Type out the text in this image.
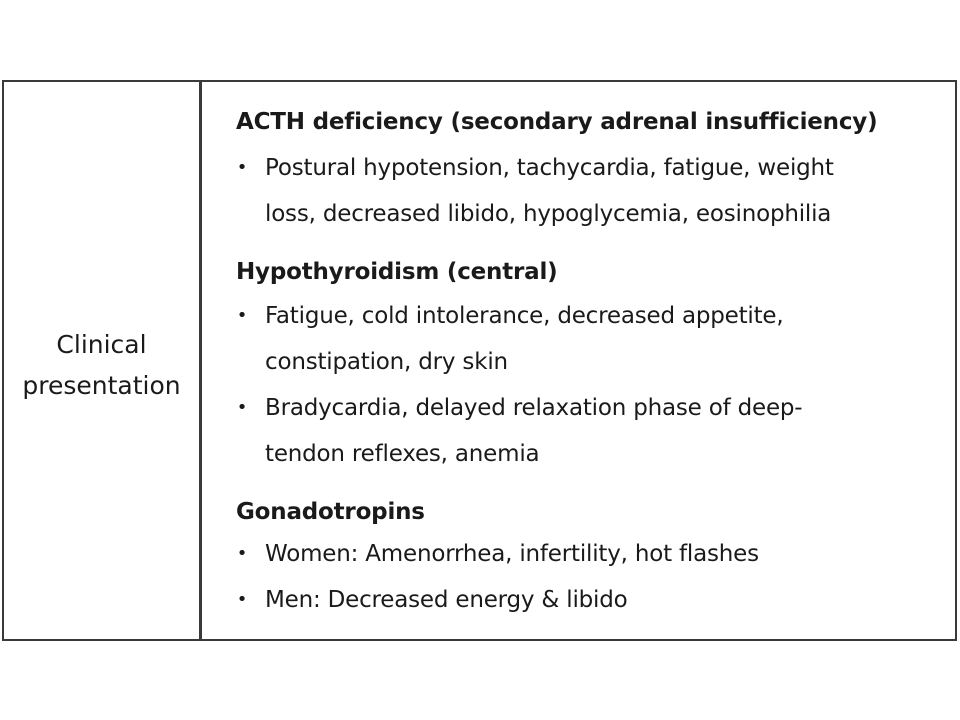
Clinical
presentation
ACTH deficiency (secondary adrenal insufficiency)
• Postural hypotension, tachycardia, fatigue, weight
loss, decreased libido, hypoglycemia, eosinophilia
Hypothyroidism (central)
• Fatigue, cold intolerance, decreased appetite,
constipation, dry skin
• Bradycardia, delayed relaxation phase of deep-
tendon reflexes, anemia
Gonadotropins
• Women: Amenorrhea, infertility, hot flashes
• Men: Decreased energy & libido
